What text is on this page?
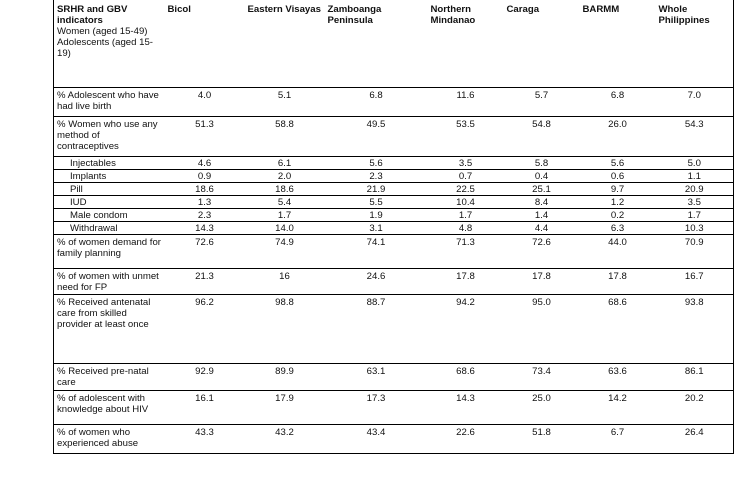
SRHR and GBV indicators
Women (aged 15-49)
Adolescents (aged 15-19)	Bicol	Eastern Visayas	Zamboanga Peninsula	Northern Mindanao	Caraga	BARMM	Whole Philippines
% Adolescent who have had live birth	4.0	5.1	6.8	11.6	5.7	6.8	7.0
% Women who use any method of contraceptives	51.3	58.8	49.5	53.5	54.8	26.0	54.3
Injectables	4.6	6.1	5.6	3.5	5.8	5.6	5.0
Implants	0.9	2.0	2.3	0.7	0.4	0.6	1.1
Pill	18.6	18.6	21.9	22.5	25.1	9.7	20.9
IUD	1.3	5.4	5.5	10.4	8.4	1.2	3.5
Male condom	2.3	1.7	1.9	1.7	1.4	0.2	1.7
Withdrawal	14.3	14.0	3.1	4.8	4.4	6.3	10.3
% of women demand for family planning	72.6	74.9	74.1	71.3	72.6	44.0	70.9
% of women with unmet need for FP	21.3	16	24.6	17.8	17.8	17.8	16.7
% Received antenatal care from skilled provider at least once	96.2	98.8	88.7	94.2	95.0	68.6	93.8
% Received pre-natal care	92.9	89.9	63.1	68.6	73.4	63.6	86.1
% of adolescent with knowledge about HIV	16.1	17.9	17.3	14.3	25.0	14.2	20.2
% of women who experienced abuse	43.3	43.2	43.4	22.6	51.8	6.7	26.4
